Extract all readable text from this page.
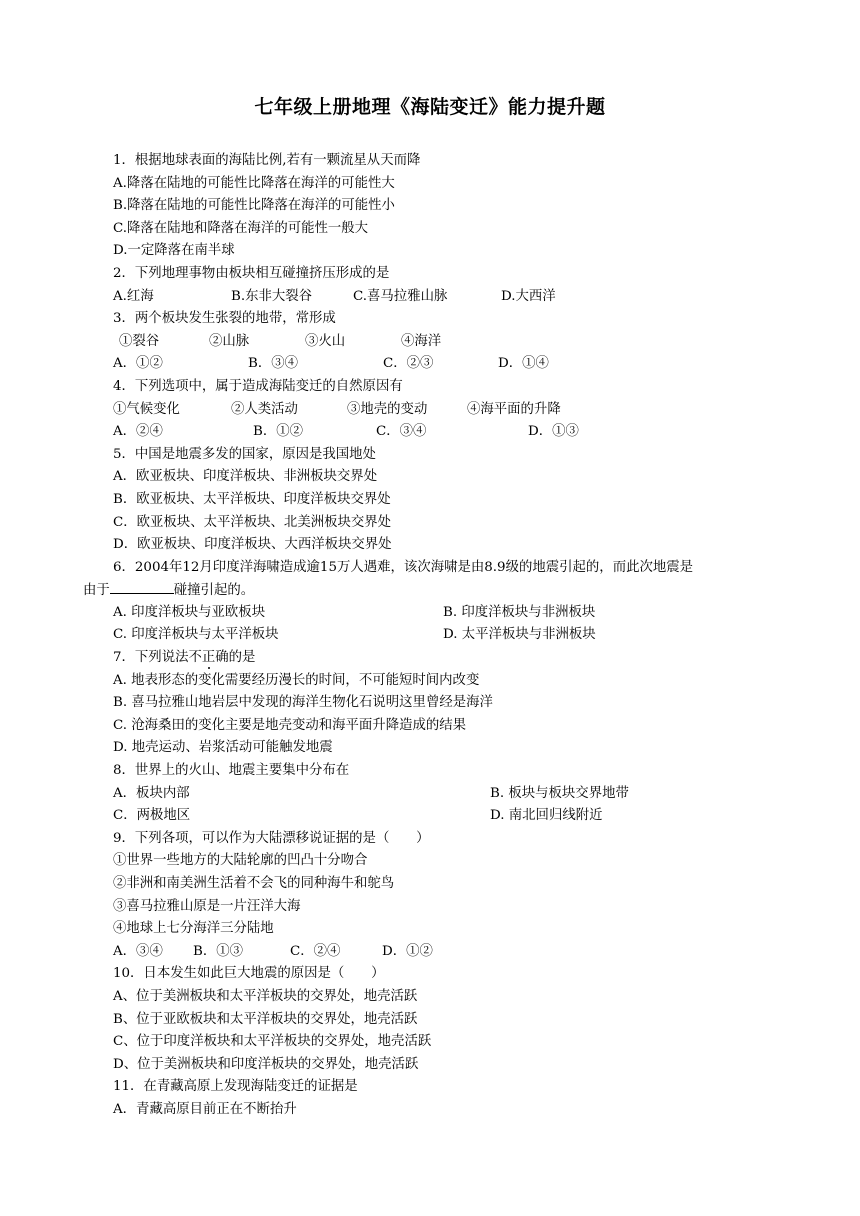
七年级上册地理《海陆变迁》能力提升题
1．根据地球表面的海陆比例,若有一颗流星从天而降
A.降落在陆地的可能性比降落在海洋的可能性大
B.降落在陆地的可能性比降落在海洋的可能性小
C.降落在陆地和降落在海洋的可能性一般大
D.一定降落在南半球
2．下列地理事物由板块相互碰撞挤压形成的是
A.红海	B.东非大裂谷	C.喜马拉雅山脉	D.大西洋
3．两个板块发生张裂的地带，常形成
①裂谷	②山脉	③火山	④海洋
A．①②	B．③④	C．②③	D．①④
4．下列选项中，属于造成海陆变迁的自然原因有
①气候变化	②人类活动	③地壳的变动	④海平面的升降
A．②④	B．①②	C．③④	D．①③
5．中国是地震多发的国家，原因是我国地处
A．欧亚板块、印度洋板块、非洲板块交界处
B．欧亚板块、太平洋板块、印度洋板块交界处
C．欧亚板块、太平洋板块、北美洲板块交界处
D．欧亚板块、印度洋板块、大西洋板块交界处
6．2004年12月印度洋海啸造成逾15万人遇难，该次海啸是由8.9级的地震引起的，而此次地震是
由于	碰撞引起的。
A. 印度洋板块与亚欧板块	B. 印度洋板块与非洲板块
C. 印度洋板块与太平洋板块	D. 太平洋板块与非洲板块
7．下列说法不正确的是
A. 地表形态的变化需要经历漫长的时间，不可能短时间内改变
B. 喜马拉雅山地岩层中发现的海洋生物化石说明这里曾经是海洋
C. 沧海桑田的变化主要是地壳变动和海平面升降造成的结果
D. 地壳运动、岩浆活动可能触发地震
8．世界上的火山、地震主要集中分布在
A．板块内部	B. 板块与板块交界地带
C．两极地区	D. 南北回归线附近
9．下列各项，可以作为大陆漂移说证据的是（　　）
①世界一些地方的大陆轮廓的凹凸十分吻合
②非洲和南美洲生活着不会飞的同种海牛和鸵鸟
③喜马拉雅山原是一片汪洋大海
④地球上七分海洋三分陆地
A．③④	B．①③	C．②④	D．①②
10．日本发生如此巨大地震的原因是（　　）
A、位于美洲板块和太平洋板块的交界处，地壳活跃
B、位于亚欧板块和太平洋板块的交界处，地壳活跃
C、位于印度洋板块和太平洋板块的交界处，地壳活跃
D、位于美洲板块和印度洋板块的交界处，地壳活跃
11．在青藏高原上发现海陆变迁的证据是
A．青藏高原目前正在不断抬升
